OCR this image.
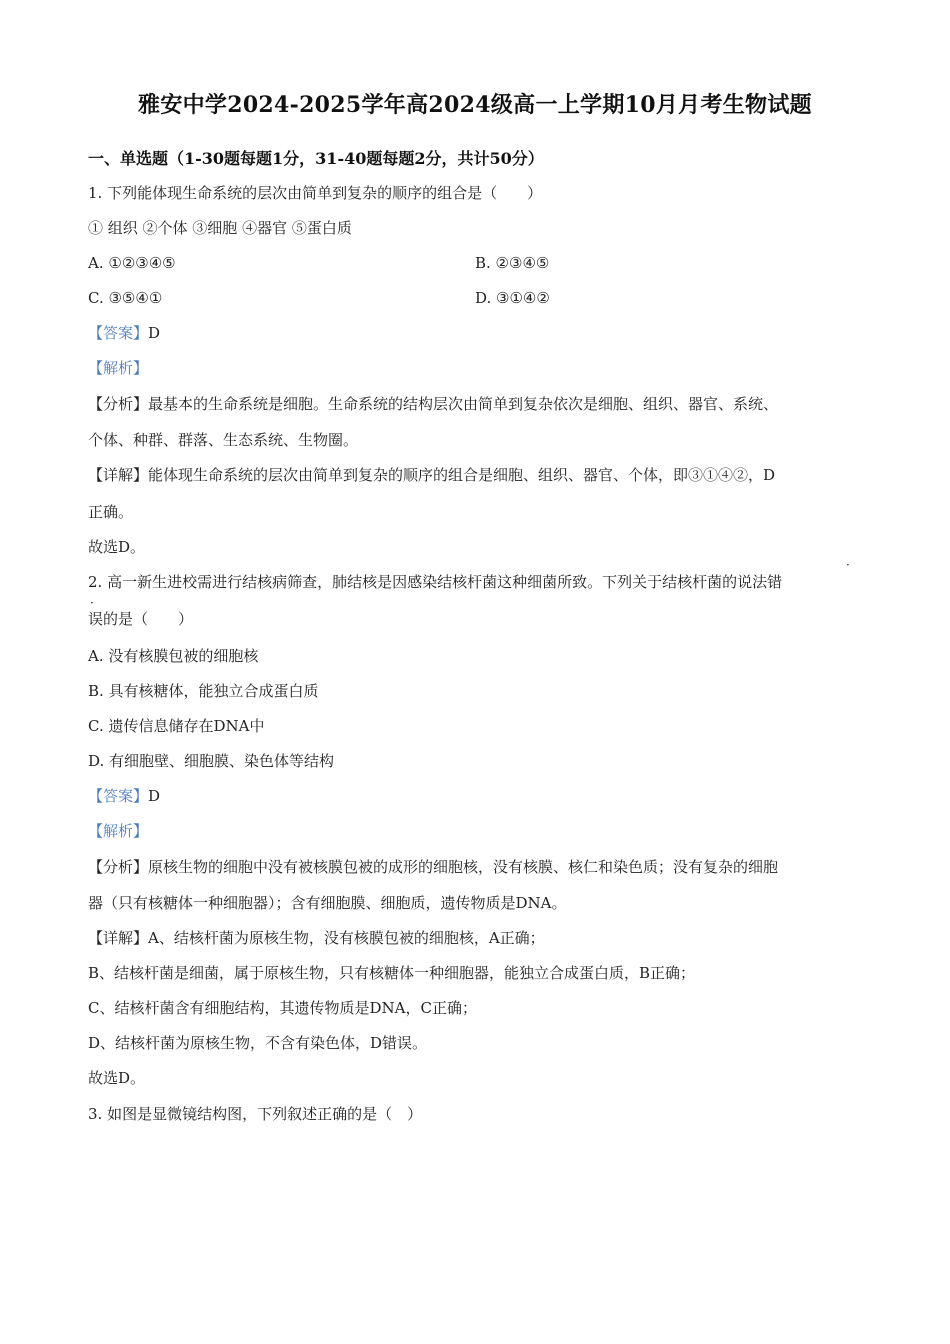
雅安中学2024-2025学年高2024级高一上学期10月月考生物试题
一、单选题（1-30题每题1分，31-40题每题2分，共计50分）
1. 下列能体现生命系统的层次由简单到复杂的顺序的组合是（　　）
① 组织 ②个体 ③细胞 ④器官 ⑤蛋白质
A. ①②③④⑤	B. ②③④⑤
C. ③⑤④①	D. ③①④②
【答案】D
【解析】
【分析】最基本的生命系统是细胞。生命系统的结构层次由简单到复杂依次是细胞、组织、器官、系统、
个体、种群、群落、生态系统、生物圈。
【详解】能体现生命系统的层次由简单到复杂的顺序的组合是细胞、组织、器官、个体，即③①④②，D
正确。
故选D。
2. 高一新生进校需进行结核病筛查，肺结核是因感染结核杆菌这种细菌所致。下列关于结核杆菌的说法错
·
·
误的是（　　）
A. 没有核膜包被的细胞核
B. 具有核糖体，能独立合成蛋白质
C. 遗传信息储存在DNA中
D. 有细胞壁、细胞膜、染色体等结构
【答案】D
【解析】
【分析】原核生物的细胞中没有被核膜包被的成形的细胞核，没有核膜、核仁和染色质；没有复杂的细胞
器（只有核糖体一种细胞器）；含有细胞膜、细胞质，遗传物质是DNA。
【详解】A、结核杆菌为原核生物，没有核膜包被的细胞核，A正确；
B、结核杆菌是细菌，属于原核生物，只有核糖体一种细胞器，能独立合成蛋白质，B正确；
C、结核杆菌含有细胞结构，其遗传物质是DNA，C正确；
D、结核杆菌为原核生物，不含有染色体，D错误。
故选D。
3. 如图是显微镜结构图，下列叙述正确的是（　）
